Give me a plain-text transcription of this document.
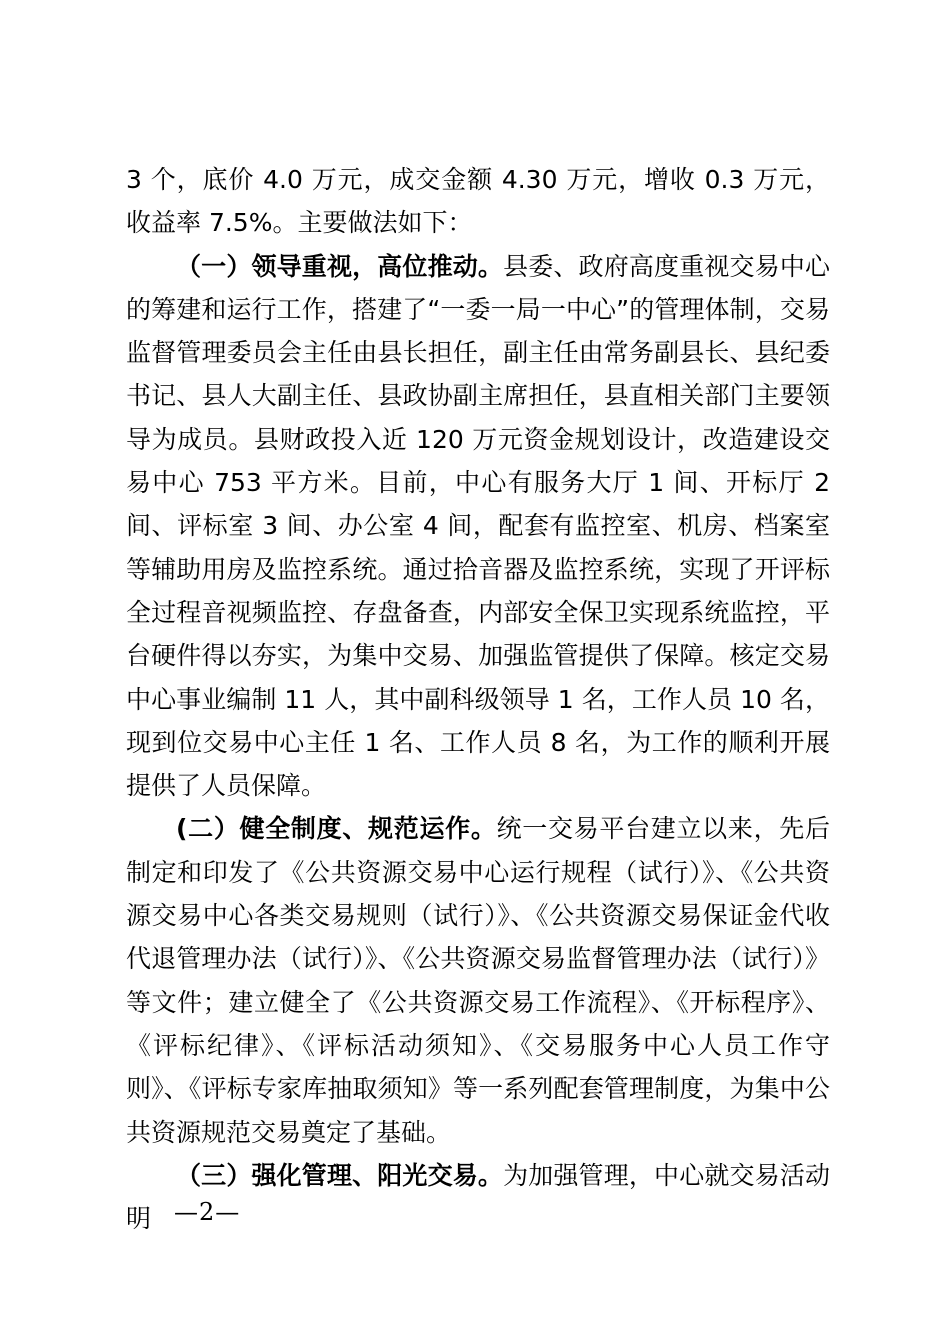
3 个，底价 4.0 万元，成交金额 4.30 万元，增收 0.3 万元，收益率 7.5%。主要做法如下：

（一）领导重视，高位推动。县委、政府高度重视交易中心的筹建和运行工作，搭建了“一委一局一中心”的管理体制，交易监督管理委员会主任由县长担任，副主任由常务副县长、县纪委书记、县人大副主任、县政协副主席担任，县直相关部门主要领导为成员。县财政投入近 120 万元资金规划设计，改造建设交易中心 753 平方米。目前，中心有服务大厅 1 间、开标厅 2 间、评标室 3 间、办公室 4 间，配套有监控室、机房、档案室等辅助用房及监控系统。通过拾音器及监控系统，实现了开评标全过程音视频监控、存盘备查，内部安全保卫实现系统监控，平台硬件得以夯实，为集中交易、加强监管提供了保障。核定交易中心事业编制 11 人，其中副科级领导 1 名，工作人员 10 名，现到位交易中心主任 1 名、工作人员 8 名，为工作的顺利开展提供了人员保障。

(二）健全制度、规范运作。统一交易平台建立以来，先后制定和印发了《公共资源交易中心运行规程（试行）》、《公共资源交易中心各类交易规则（试行）》、《公共资源交易保证金代收代退管理办法（试行）》、《公共资源交易监督管理办法（试行）》等文件；建立健全了《公共资源交易工作流程》、《开标程序》、《评标纪律》、《评标活动须知》、《交易服务中心人员工作守则》、《评标专家库抽取须知》等一系列配套管理制度，为集中公共资源规范交易奠定了基础。

（三）强化管理、阳光交易。为加强管理，中心就交易活动明 —2—
